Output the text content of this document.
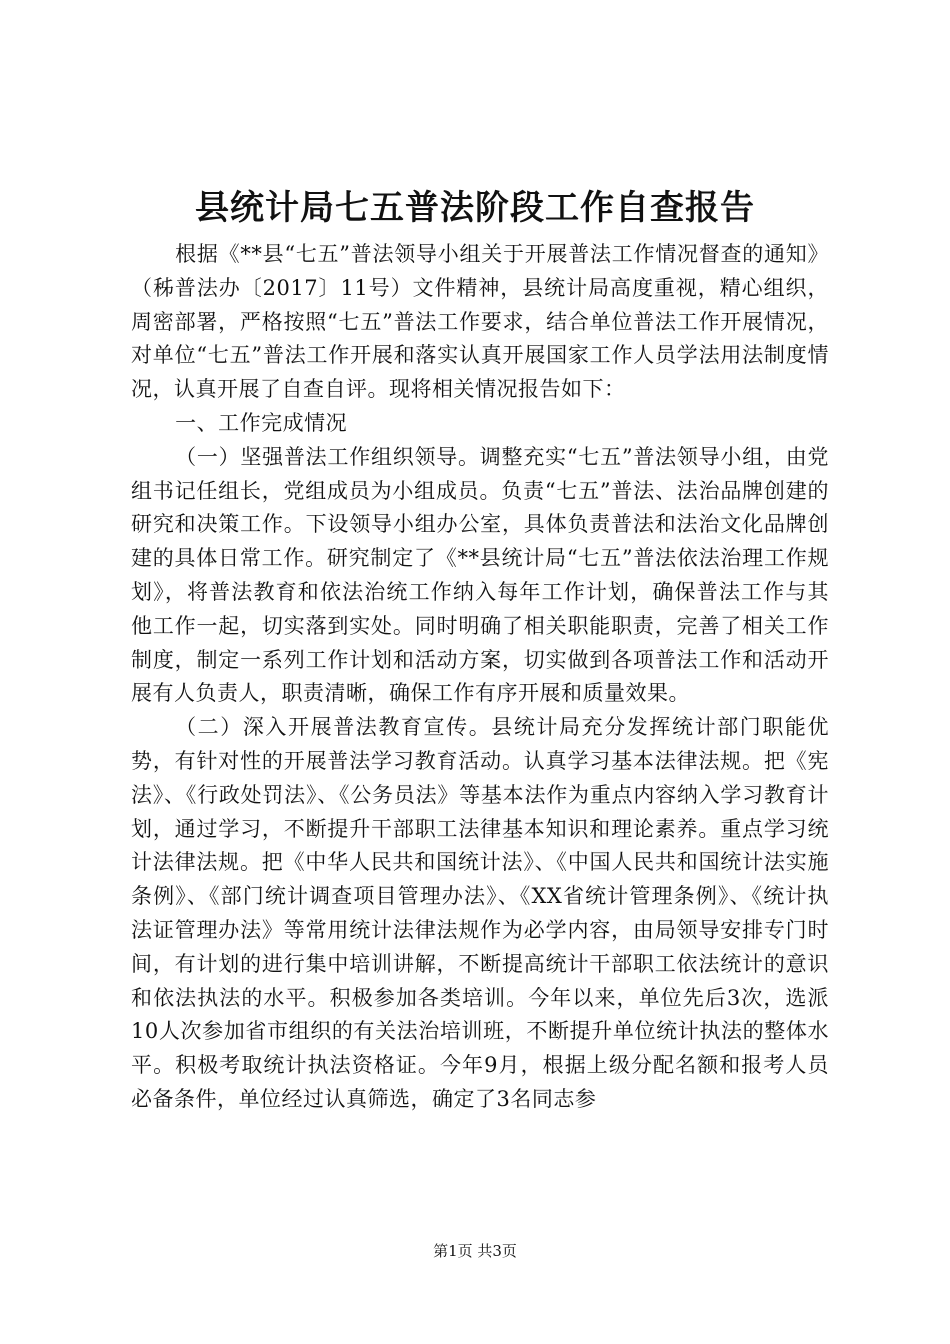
县统计局七五普法阶段工作自查报告

根据《**县“七五”普法领导小组关于开展普法工作情况督查的通知》（秭普法办〔2017〕11号）文件精神，县统计局高度重视，精心组织，周密部署，严格按照“七五”普法工作要求，结合单位普法工作开展情况，对单位“七五”普法工作开展和落实认真开展国家工作人员学法用法制度情况，认真开展了自查自评。现将相关情况报告如下：

一、工作完成情况

（一）坚强普法工作组织领导。调整充实“七五”普法领导小组，由党组书记任组长，党组成员为小组成员。负责“七五”普法、法治品牌创建的研究和决策工作。下设领导小组办公室，具体负责普法和法治文化品牌创建的具体日常工作。研究制定了《**县统计局“七五”普法依法治理工作规划》，将普法教育和依法治统工作纳入每年工作计划，确保普法工作与其他工作一起，切实落到实处。同时明确了相关职能职责，完善了相关工作制度，制定一系列工作计划和活动方案，切实做到各项普法工作和活动开展有人负责人，职责清晰，确保工作有序开展和质量效果。

（二）深入开展普法教育宣传。县统计局充分发挥统计部门职能优势，有针对性的开展普法学习教育活动。认真学习基本法律法规。把《宪法》、《行政处罚法》、《公务员法》等基本法作为重点内容纳入学习教育计划，通过学习，不断提升干部职工法律基本知识和理论素养。重点学习统计法律法规。把《中华人民共和国统计法》、《中国人民共和国统计法实施条例》、《部门统计调查项目管理办法》、《XX省统计管理条例》、《统计执法证管理办法》等常用统计法律法规作为必学内容，由局领导安排专门时间，有计划的进行集中培训讲解，不断提高统计干部职工依法统计的意识和依法执法的水平。积极参加各类培训。今年以来，单位先后3次，选派10人次参加省市组织的有关法治培训班，不断提升单位统计执法的整体水平。积极考取统计执法资格证。今年9月，根据上级分配名额和报考人员必备条件，单位经过认真筛选，确定了3名同志参

第1页 共3页
